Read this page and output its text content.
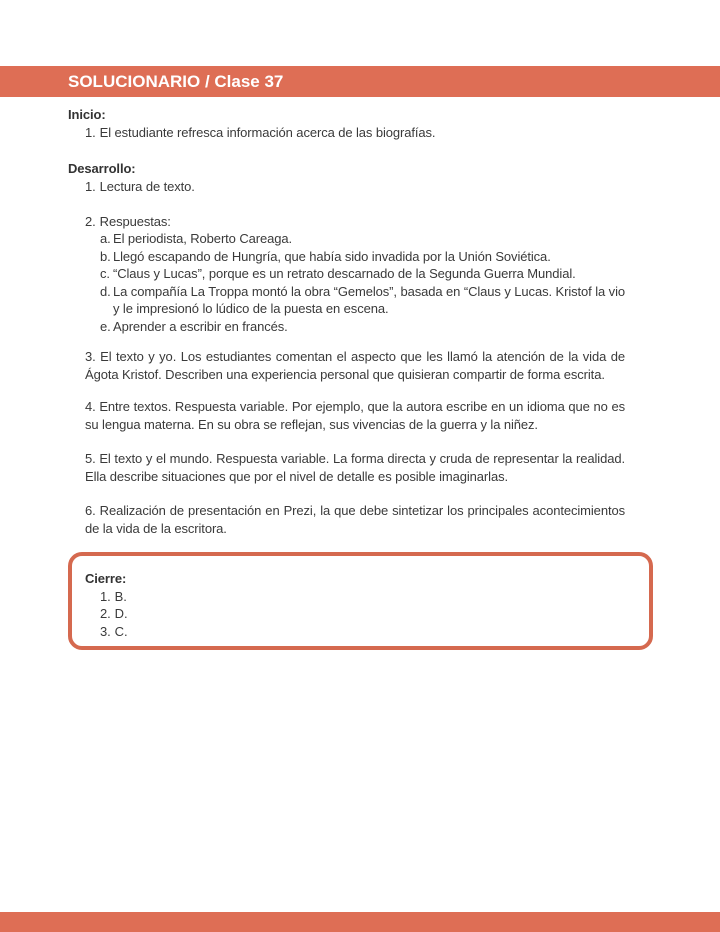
SOLUCIONARIO / Clase 37
Inicio:
1. El estudiante refresca información acerca de las biografías.
Desarrollo:
1. Lectura de texto.
2. Respuestas:
a. El periodista, Roberto Careaga.
b. Llegó escapando de Hungría, que había sido invadida por la Unión Soviética.
c. “Claus y Lucas”, porque es un retrato descarnado de la Segunda Guerra Mundial.
d. La compañía La Troppa montó la obra “Gemelos”, basada en “Claus y Lucas. Kristof la vio y le impresionó lo lúdico de la puesta en escena.
e. Aprender a escribir en francés.
3. El texto y yo. Los estudiantes comentan el aspecto que les llamó la atención de la vida de Ágota Kristof. Describen una experiencia personal que quisieran compartir de forma escrita.
4. Entre textos. Respuesta variable. Por ejemplo, que la autora escribe en un idioma que no es su lengua materna. En su obra se reflejan, sus vivencias de la guerra y la niñez.
5. El texto y el mundo. Respuesta variable. La forma directa y cruda de representar la realidad. Ella describe situaciones que por el nivel de detalle es posible imaginarlas.
6. Realización de presentación en Prezi, la que debe sintetizar los principales acontecimientos de la vida de la escritora.
Cierre:
1. B.
2. D.
3. C.
